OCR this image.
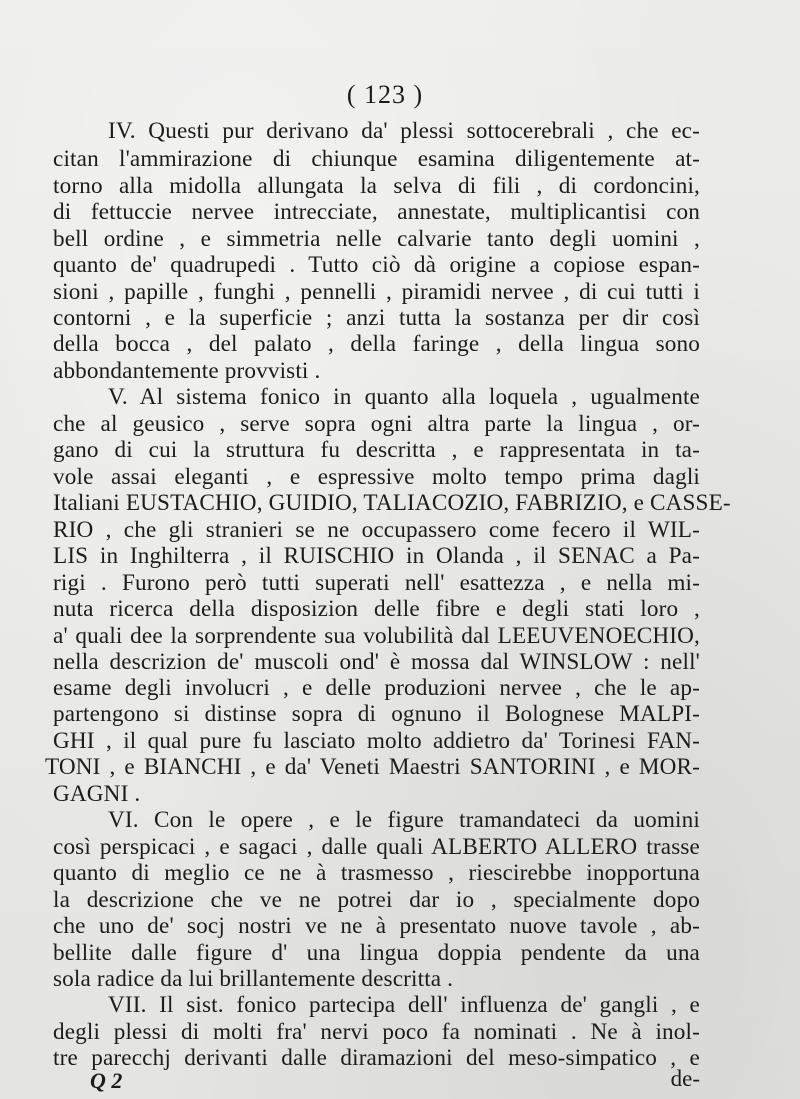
( 123 )
IV. Questi pur derivano da' plessi sottocerebrali , che ec-
citan l'ammirazione di chiunque esamina diligentemente at-
torno alla midolla allungata la selva di fili , di cordoncini,
di fettuccie nervee intrecciate, annestate, multiplicantisi con
bell ordine , e simmetria nelle calvarie tanto degli uomini ,
quanto de' quadrupedi . Tutto ciò dà origine a copiose espan-
sioni , papille , funghi , pennelli , piramidi nervee , di cui tutti i
contorni , e la superficie ; anzi tutta la sostanza per dir così
della bocca , del palato , della faringe , della lingua sono
abbondantemente provvisti .
V. Al sistema fonico in quanto alla loquela , ugualmente
che al geusico , serve sopra ogni altra parte la lingua , or-
gano di cui la struttura fu descritta , e rappresentata in ta-
vole assai eleganti , e espressive molto tempo prima dagli
Italiani EUSTACHIO, GUIDIO, TALIACOZIO, FABRIZIO, e CASSE-
RIO , che gli stranieri se ne occupassero come fecero il WIL-
LIS in Inghilterra , il RUISCHIO in Olanda , il SENAC a Pa-
rigi . Furono però tutti superati nell' esattezza , e nella mi-
nuta ricerca della disposizion delle fibre e degli stati loro ,
a' quali dee la sorprendente sua volubilità dal LEEUVENOECHIO,
nella descrizion de' muscoli ond' è mossa dal WINSLOW : nell'
esame degli involucri , e delle produzioni nervee , che le ap-
partengono si distinse sopra di ognuno il Bolognese MALPI-
GHI , il qual pure fu lasciato molto addietro da' Torinesi FAN-
TONI , e BIANCHI , e da' Veneti Maestri SANTORINI , e MOR-
GAGNI .
VI. Con le opere , e le figure tramandateci da uomini
così perspicaci , e sagaci , dalle quali ALBERTO ALLERO trasse
quanto di meglio ce ne à trasmesso , riescirebbe inopportuna
la descrizione che ve ne potrei dar io , specialmente dopo
che uno de' socj nostri ve ne à presentato nuove tavole , ab-
bellite dalle figure d' una lingua doppia pendente da una
sola radice da lui brillantemente descritta .
VII. Il sist. fonico partecipa dell' influenza de' gangli , e
degli plessi di molti fra' nervi poco fa nominati . Ne à inol-
tre parecchj derivanti dalle diramazioni del meso-simpatico , e
Q 2	de-
